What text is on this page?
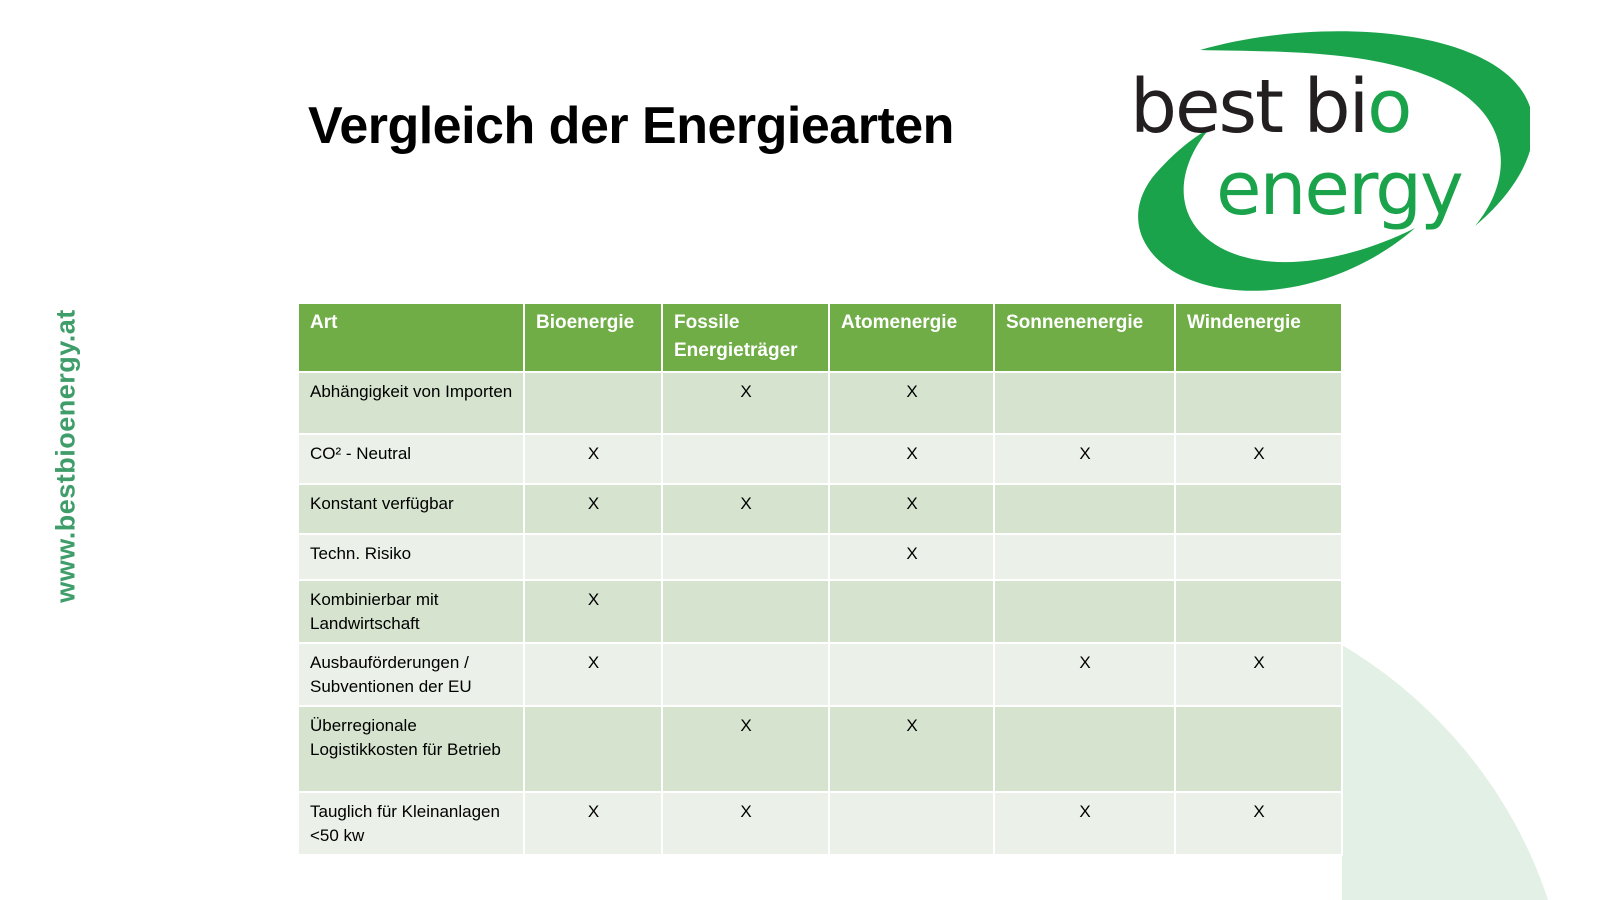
www.bestbioenergy.at
Vergleich der Energiearten best bio
energy
Art	Bioenergie	Fossile Energieträger	Atomenergie	Sonnenenergie	Windenergie
Abhängigkeit von Importen		X	X		
CO² - Neutral	X		X	X	X
Konstant verfügbar	X	X	X		
Techn. Risiko			X		
Kombinierbar mit Landwirtschaft	X				
Ausbauförderungen / Subventionen der EU	X			X	X
Überregionale Logistikkosten für Betrieb		X	X		
Tauglich für Kleinanlagen <50 kw	X	X		X	X
